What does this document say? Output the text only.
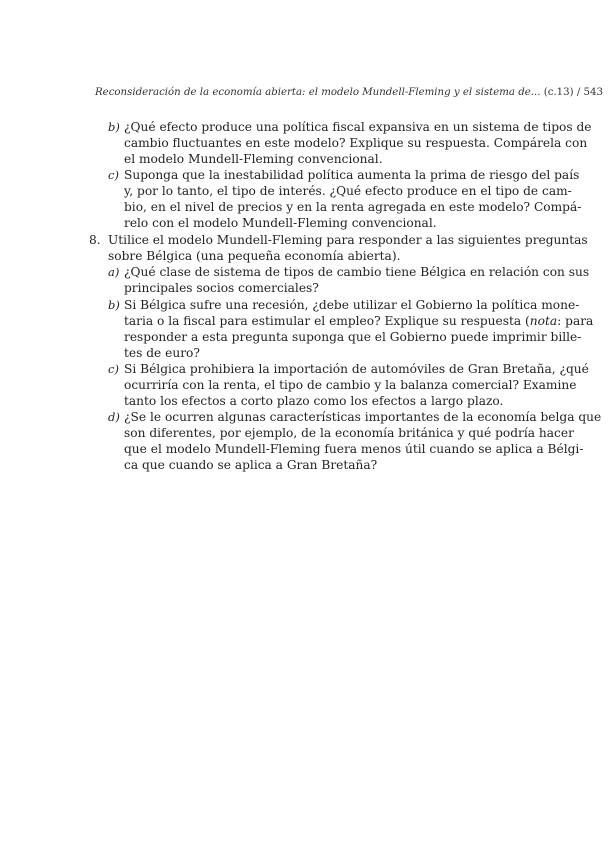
Reconsideración de la economía abierta: el modelo Mundell-Fleming y el sistema de... (c.13) / 543
b) ¿Qué efecto produce una política fiscal expansiva en un sistema de tipos de
cambio fluctuantes en este modelo? Explique su respuesta. Compárela con
el modelo Mundell-Fleming convencional.
c) Suponga que la inestabilidad política aumenta la prima de riesgo del país
y, por lo tanto, el tipo de interés. ¿Qué efecto produce en el tipo de cam-
bio, en el nivel de precios y en la renta agregada en este modelo? Compá-
relo con el modelo Mundell-Fleming convencional.
8. Utilice el modelo Mundell-Fleming para responder a las siguientes preguntas
sobre Bélgica (una pequeña economía abierta).
a) ¿Qué clase de sistema de tipos de cambio tiene Bélgica en relación con sus
principales socios comerciales?
b) Si Bélgica sufre una recesión, ¿debe utilizar el Gobierno la política mone-
taria o la fiscal para estimular el empleo? Explique su respuesta (nota: para
responder a esta pregunta suponga que el Gobierno puede imprimir bille-
tes de euro?
c) Si Bélgica prohibiera la importación de automóviles de Gran Bretaña, ¿qué
ocurriría con la renta, el tipo de cambio y la balanza comercial? Examine
tanto los efectos a corto plazo como los efectos a largo plazo.
d) ¿Se le ocurren algunas características importantes de la economía belga que
son diferentes, por ejemplo, de la economía británica y qué podría hacer
que el modelo Mundell-Fleming fuera menos útil cuando se aplica a Bélgi-
ca que cuando se aplica a Gran Bretaña?
